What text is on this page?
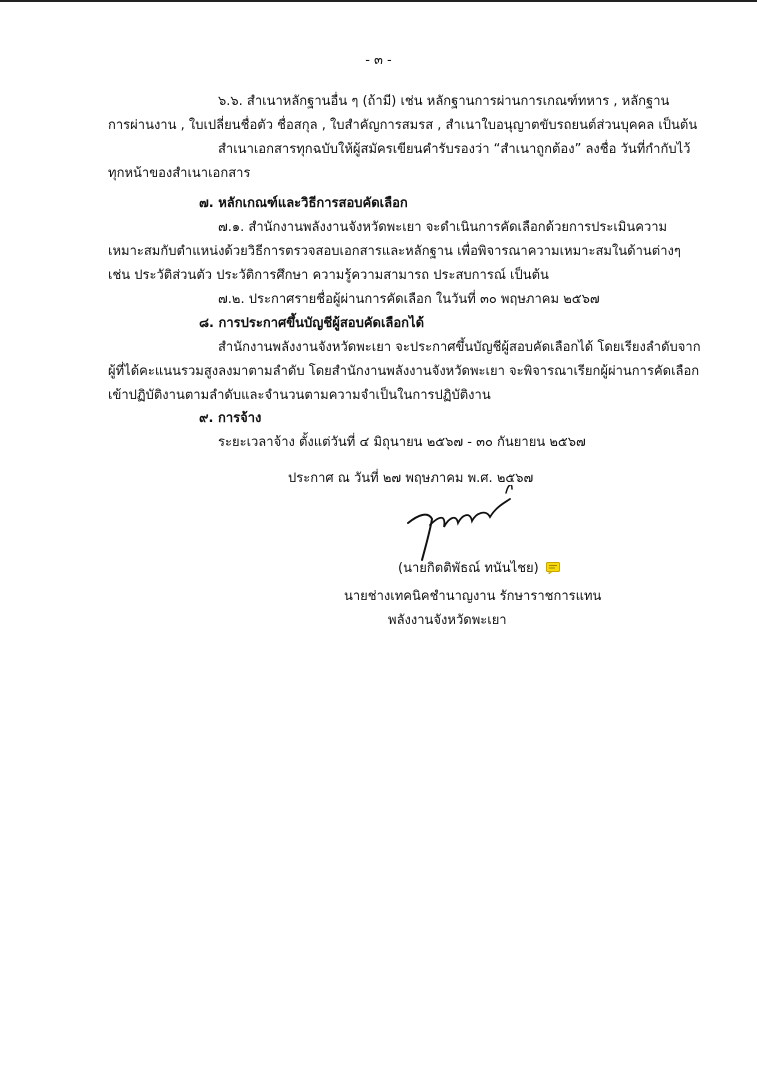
- ๓ -
๖.๖. สำเนาหลักฐานอื่น ๆ (ถ้ามี) เช่น หลักฐานการผ่านการเกณฑ์ทหาร , หลักฐาน
การผ่านงาน , ใบเปลี่ยนชื่อตัว ชื่อสกุล , ใบสำคัญการสมรส , สำเนาใบอนุญาตขับรถยนต์ส่วนบุคคล เป็นต้น
สำเนาเอกสารทุกฉบับให้ผู้สมัครเขียนคำรับรองว่า “สำเนาถูกต้อง” ลงชื่อ วันที่กำกับไว้
ทุกหน้าของสำเนาเอกสาร
๗. หลักเกณฑ์และวิธีการสอบคัดเลือก
๗.๑. สำนักงานพลังงานจังหวัดพะเยา จะดำเนินการคัดเลือกด้วยการประเมินความ
เหมาะสมกับตำแหน่งด้วยวิธีการตรวจสอบเอกสารและหลักฐาน เพื่อพิจารณาความเหมาะสมในด้านต่างๆ
เช่น ประวัติส่วนตัว ประวัติการศึกษา ความรู้ความสามารถ ประสบการณ์ เป็นต้น
๗.๒. ประกาศรายชื่อผู้ผ่านการคัดเลือก ในวันที่ ๓๐ พฤษภาคม ๒๕๖๗
๘. การประกาศขึ้นบัญชีผู้สอบคัดเลือกได้
สำนักงานพลังงานจังหวัดพะเยา จะประกาศขึ้นบัญชีผู้สอบคัดเลือกได้ โดยเรียงลำดับจาก
ผู้ที่ได้คะแนนรวมสูงลงมาตามลำดับ โดยสำนักงานพลังงานจังหวัดพะเยา จะพิจารณาเรียกผู้ผ่านการคัดเลือก
เข้าปฏิบัติงานตามลำดับและจำนวนตามความจำเป็นในการปฏิบัติงาน
๙. การจ้าง
ระยะเวลาจ้าง ตั้งแต่วันที่ ๔ มิถุนายน ๒๕๖๗ - ๓๐ กันยายน ๒๕๖๗
ประกาศ ณ วันที่ ๒๗ พฤษภาคม พ.ศ. ๒๕๖๗
(นายกิตติพัธณ์ ทนันไชย)
นายช่างเทคนิคชำนาญงาน รักษาราชการแทน
พลังงานจังหวัดพะเยา
